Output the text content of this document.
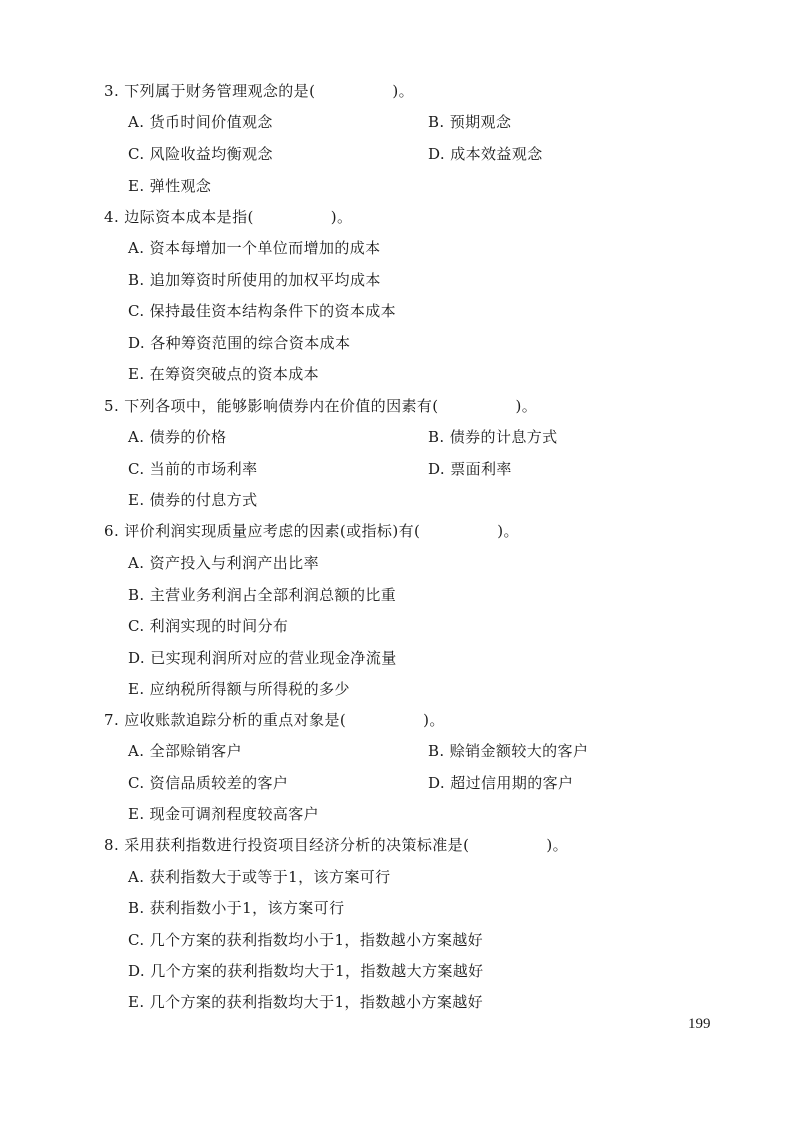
3. 下列属于财务管理观念的是(　　　　　)。
A. 货币时间价值观念	B. 预期观念
C. 风险收益均衡观念	D. 成本效益观念
E. 弹性观念
4. 边际资本成本是指(　　　　　)。
A. 资本每增加一个单位而增加的成本
B. 追加筹资时所使用的加权平均成本
C. 保持最佳资本结构条件下的资本成本
D. 各种筹资范围的综合资本成本
E. 在筹资突破点的资本成本
5. 下列各项中，能够影响债券内在价值的因素有(　　　　　)。
A. 债券的价格	B. 债券的计息方式
C. 当前的市场利率	D. 票面利率
E. 债券的付息方式
6. 评价利润实现质量应考虑的因素(或指标)有(　　　　　)。
A. 资产投入与利润产出比率
B. 主营业务利润占全部利润总额的比重
C. 利润实现的时间分布
D. 已实现利润所对应的营业现金净流量
E. 应纳税所得额与所得税的多少
7. 应收账款追踪分析的重点对象是(　　　　　)。
A. 全部赊销客户	B. 赊销金额较大的客户
C. 资信品质较差的客户	D. 超过信用期的客户
E. 现金可调剂程度较高客户
8. 采用获利指数进行投资项目经济分析的决策标准是(　　　　　)。
A. 获利指数大于或等于1，该方案可行
B. 获利指数小于1，该方案可行
C. 几个方案的获利指数均小于1，指数越小方案越好
D. 几个方案的获利指数均大于1，指数越大方案越好
E. 几个方案的获利指数均大于1，指数越小方案越好
199
